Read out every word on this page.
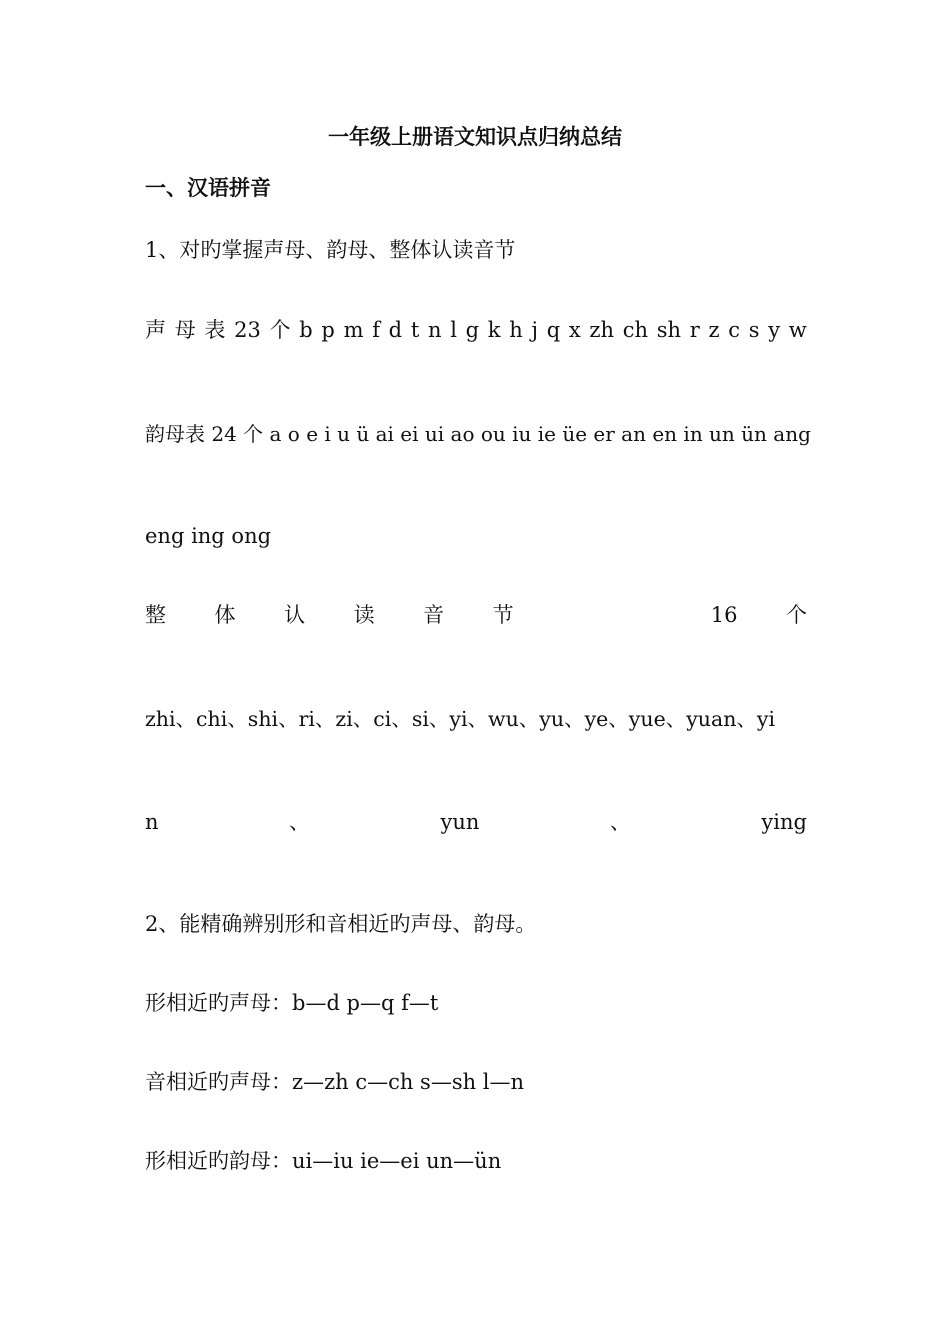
一年级上册语文知识点归纳总结
一、汉语拼音
1、对旳掌握声母、韵母、整体认读音节
声 母 表 23 个 b p m f d t n l g k h j q x zh ch sh r z c s y w
韵母表 24 个 a o e i u ü ai ei ui ao ou iu ie üe er an en in un ün ang
eng ing ong
整 体 认 读 音 节	16 个
zhi、chi、shi、ri、zi、ci、si、yi、wu、yu、ye、yue、yuan、yi
n	、	yun	、	ying
2、能精确辨别形和音相近旳声母、韵母。
形相近旳声母：b—d p—q f—t
音相近旳声母：z—zh c—ch s—sh l—n
形相近旳韵母：ui—iu ie—ei un—ün
